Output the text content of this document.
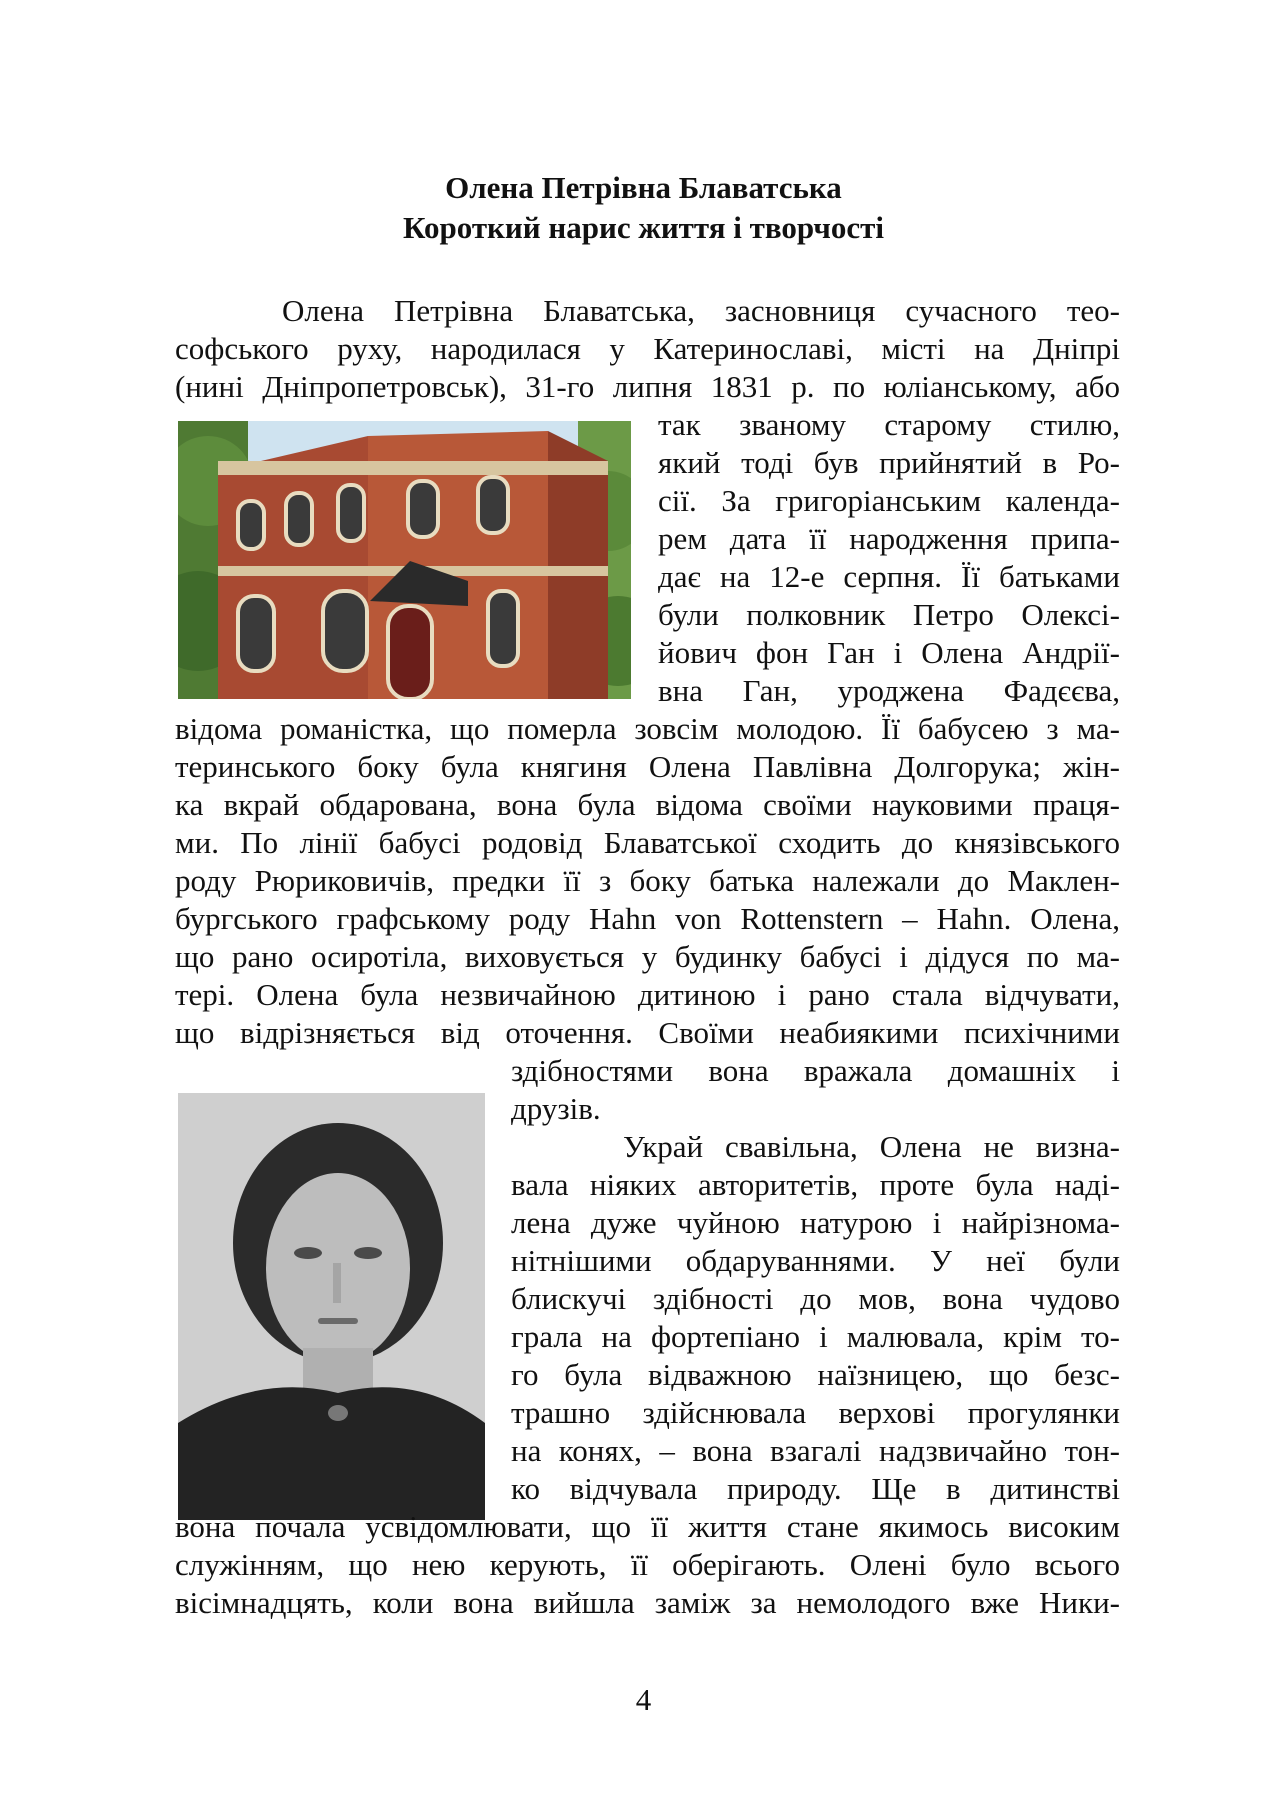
Олена Петрівна Блаватська
Короткий нарис життя і творчості
Олена Петрівна Блаватська, засновниця сучасного тео-
софського руху, народилася у Катеринославі, місті на Дніпрі
(нині Дніпропетровськ), 31-го липня 1831 р. по юліанському, або
так званому старому стилю,
який тоді був прийнятий в Ро-
сії. За григоріанським календа-
рем дата її народження припа-
дає на 12-е серпня. Її батьками
були полковник Петро Олексі-
йович фон Ган і Олена Андрії-
вна Ган, уроджена Фадєєва,
відома романістка, що померла зовсім молодою. Її бабусею з ма-
теринського боку була княгиня Олена Павлівна Долгорука; жін-
ка вкрай обдарована, вона була відома своїми науковими праця-
ми. По лінії бабусі родовід Блаватської сходить до князівського
роду Рюриковичів, предки її з боку батька належали до Маклен-
бургського графському роду Hahn von Rottenstern – Hahn. Олена,
що рано осиротіла, виховується у будинку бабусі і дідуся по ма-
тері. Олена була незвичайною дитиною і рано стала відчувати,
що відрізняється від оточення. Своїми неабиякими психічними
здібностями вона вражала домашніх і
друзів.
Украй свавільна, Олена не визна-
вала ніяких авторитетів, проте була наді-
лена дуже чуйною натурою і найрізнома-
нітнішими обдаруваннями. У неї були
блискучі здібності до мов, вона чудово
грала на фортепіано і малювала, крім то-
го була відважною наїзницею, що безс-
трашно здійснювала верхові прогулянки
на конях, – вона взагалі надзвичайно тон-
ко відчувала природу. Ще в дитинстві
вона почала усвідомлювати, що її життя стане якимось високим
служінням, що нею керують, її оберігають. Олені було всього
вісімнадцять, коли вона вийшла заміж за немолодого вже Ники-
4
